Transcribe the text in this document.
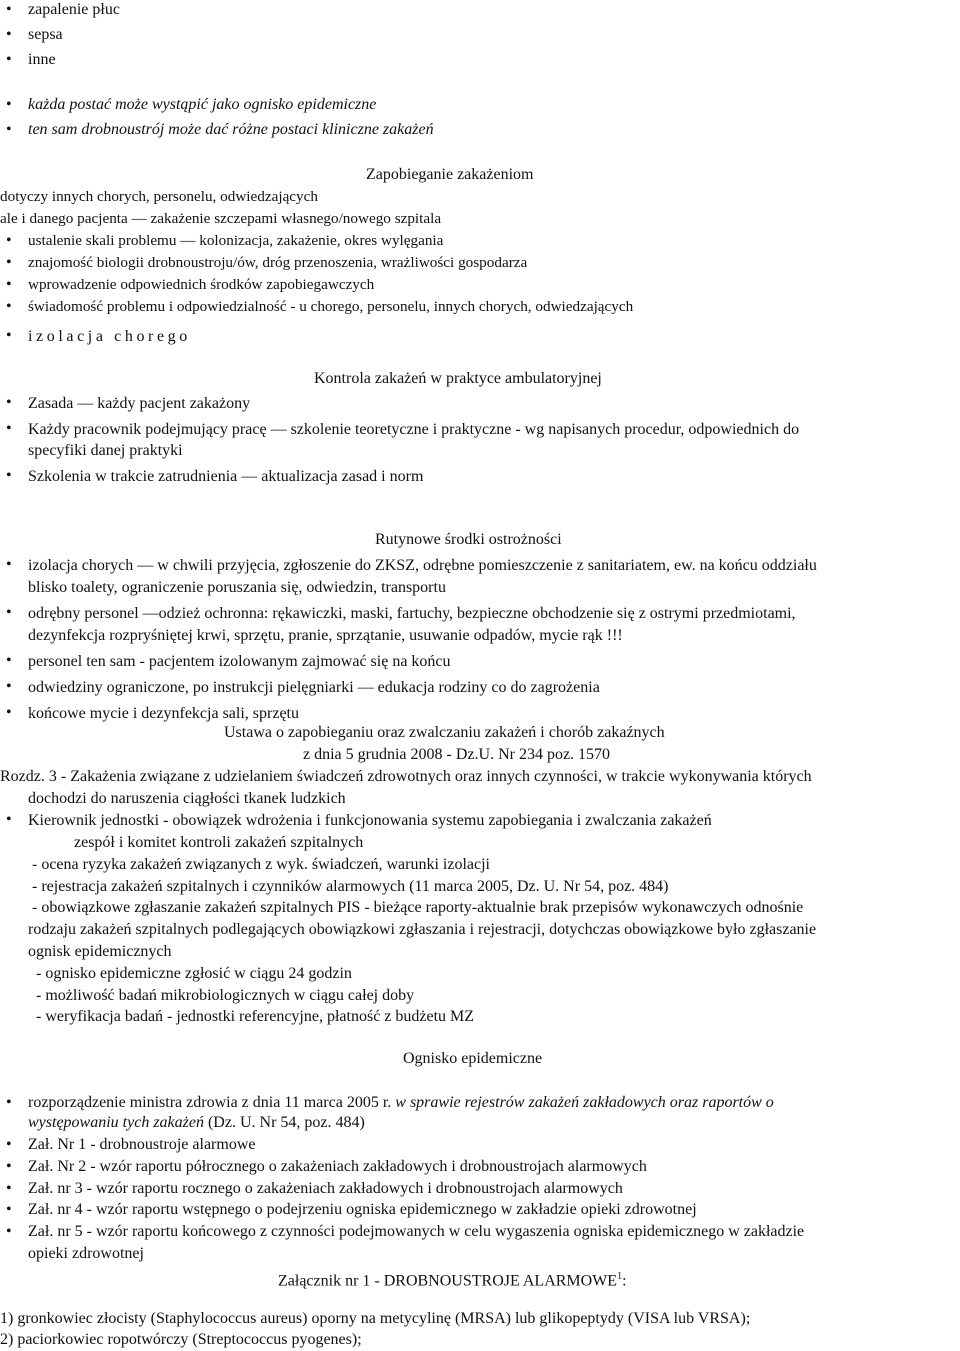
• zapalenie płuc
• sepsa
• inne
• każda postać może wystąpić jako ognisko epidemiczne
• ten sam drobnoustrój może dać różne postaci kliniczne zakażeń
Zapobieganie zakażeniom
dotyczy innych chorych, personelu, odwiedzających
ale i danego pacjenta — zakażenie szczepami własnego/nowego szpitala
• ustalenie skali problemu — kolonizacja, zakażenie, okres wylęgania
• znajomość biologii drobnoustroju/ów, dróg przenoszenia, wrażliwości gospodarza
• wprowadzenie odpowiednich środków zapobiegawczych
• świadomość problemu i odpowiedzialność - u chorego, personelu, innych chorych, odwiedzających
• izolacja chorego
Kontrola zakażeń w praktyce ambulatoryjnej
• Zasada — każdy pacjent zakażony
• Każdy pracownik podejmujący pracę — szkolenie teoretyczne i praktyczne - wg napisanych procedur, odpowiednich do
specyfiki danej praktyki
• Szkolenia w trakcie zatrudnienia — aktualizacja zasad i norm
Rutynowe środki ostrożności
• izolacja chorych — w chwili przyjęcia, zgłoszenie do ZKSZ, odrębne pomieszczenie z sanitariatem, ew. na końcu oddziału
blisko toalety, ograniczenie poruszania się, odwiedzin, transportu
• odrębny personel —odzież ochronna: rękawiczki, maski, fartuchy, bezpieczne obchodzenie się z ostrymi przedmiotami,
dezynfekcja rozpryśniętej krwi, sprzętu, pranie, sprzątanie, usuwanie odpadów, mycie rąk !!!
• personel ten sam - pacjentem izolowanym zajmować się na końcu
• odwiedziny ograniczone, po instrukcji pielęgniarki — edukacja rodziny co do zagrożenia
• końcowe mycie i dezynfekcja sali, sprzętu
Ustawa o zapobieganiu oraz zwalczaniu zakażeń i chorób zakaźnych
z dnia 5 grudnia 2008 - Dz.U. Nr 234 poz. 1570
Rozdz. 3 - Zakażenia związane z udzielaniem świadczeń zdrowotnych oraz innych czynności, w trakcie wykonywania których
dochodzi do naruszenia ciągłości tkanek ludzkich
• Kierownik jednostki - obowiązek wdrożenia i funkcjonowania systemu zapobiegania i zwalczania zakażeń
zespół i komitet kontroli zakażeń szpitalnych
- ocena ryzyka zakażeń związanych z wyk. świadczeń, warunki izolacji
- rejestracja zakażeń szpitalnych i czynników alarmowych (11 marca 2005, Dz. U. Nr 54, poz. 484)
- obowiązkowe zgłaszanie zakażeń szpitalnych PIS - bieżące raporty-aktualnie brak przepisów wykonawczych odnośnie
rodzaju zakażeń szpitalnych podlegających obowiązkowi zgłaszania i rejestracji, dotychczas obowiązkowe było zgłaszanie
ognisk epidemicznych
- ognisko epidemiczne zgłosić w ciągu 24 godzin
- możliwość badań mikrobiologicznych w ciągu całej doby
- weryfikacja badań - jednostki referencyjne, płatność z budżetu MZ
Ognisko epidemiczne
• rozporządzenie ministra zdrowia z dnia 11 marca 2005 r. w sprawie rejestrów zakażeń zakładowych oraz raportów o
występowaniu tych zakażeń (Dz. U. Nr 54, poz. 484)
• Zał. Nr 1 - drobnoustroje alarmowe
• Zał. Nr 2 - wzór raportu półrocznego o zakażeniach zakładowych i drobnoustrojach alarmowych
• Zał. nr 3 - wzór raportu rocznego o zakażeniach zakładowych i drobnoustrojach alarmowych
• Zał. nr 4 - wzór raportu wstępnego o podejrzeniu ogniska epidemicznego w zakładzie opieki zdrowotnej
• Zał. nr 5 - wzór raportu końcowego z czynności podejmowanych w celu wygaszenia ogniska epidemicznego w zakładzie
opieki zdrowotnej
Załącznik nr 1 - DROBNOUSTROJE ALARMOWE$^1$:
1) gronkowiec złocisty (Staphylococcus aureus) oporny na metycylinę (MRSA) lub glikopeptydy (VISA lub VRSA);
2) paciorkowiec ropotwórczy (Streptococcus pyogenes);
